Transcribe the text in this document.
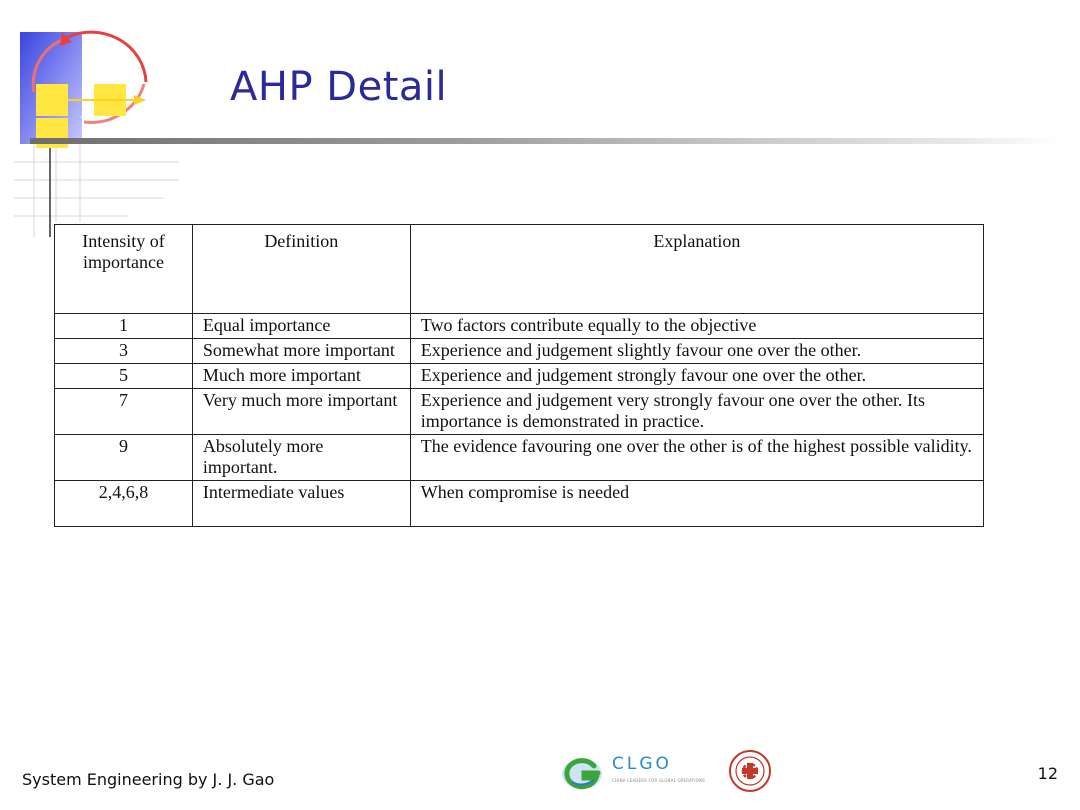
+
-
AHP Detail
Intensity of importance	Definition	Explanation
1	Equal importance	Two factors contribute equally to the objective
3	Somewhat more important	Experience and judgement slightly favour one over the other.
5	Much more important	Experience and judgement strongly favour one over the other.
7	Very much more important	Experience and judgement very strongly favour one over the other. Its importance is demonstrated in practice.
9	Absolutely more important.	The evidence favouring one over the other is of the highest possible validity.
2,4,6,8	Intermediate values	When compromise is needed
System Engineering by J. J. Gao
CLGO
CHINA LEADERS FOR GLOBAL OPERATIONS	12
